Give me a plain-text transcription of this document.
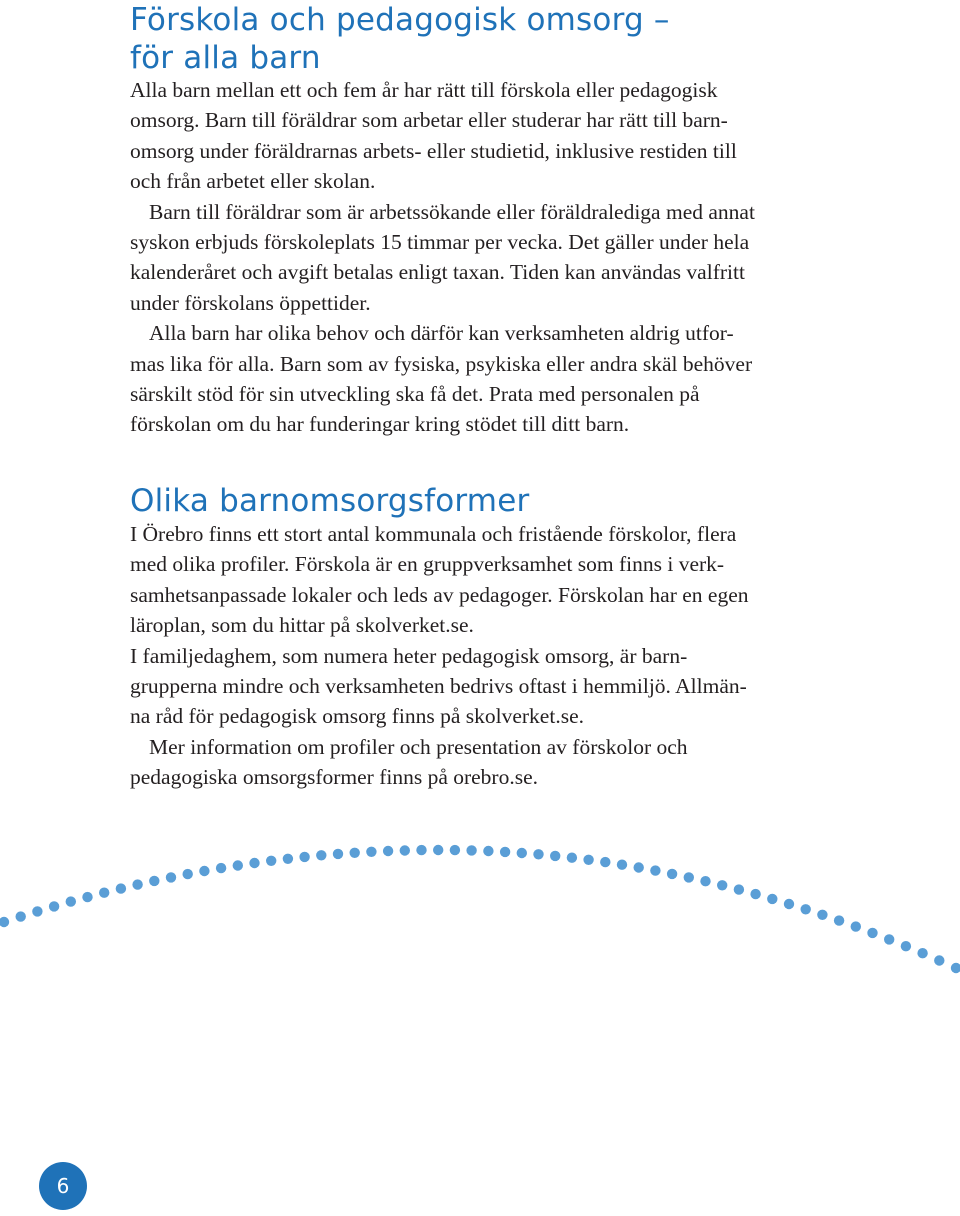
Förskola och pedagogisk omsorg –
för alla barn

Alla barn mellan ett och fem år har rätt till förskola eller pedagogisk
omsorg. Barn till föräldrar som arbetar eller studerar har rätt till barn-
omsorg under föräldrarnas arbets- eller studietid, inklusive restiden till
och från arbetet eller skolan.

Barn till föräldrar som är arbetssökande eller föräldralediga med annat
syskon erbjuds förskoleplats 15 timmar per vecka. Det gäller under hela
kalenderåret och avgift betalas enligt taxan. Tiden kan användas valfritt
under förskolans öppettider.

Alla barn har olika behov och därför kan verksamheten aldrig utfor-
mas lika för alla. Barn som av fysiska, psykiska eller andra skäl behöver
särskilt stöd för sin utveckling ska få det. Prata med personalen på
förskolan om du har funderingar kring stödet till ditt barn.

Olika barnomsorgsformer

I Örebro finns ett stort antal kommunala och fristående förskolor, flera
med olika profiler. Förskola är en gruppverksamhet som finns i verk-
samhetsanpassade lokaler och leds av pedagoger. Förskolan har en egen
läroplan, som du hittar på skolverket.se.

I familjedaghem, som numera heter pedagogisk omsorg, är barn-
grupperna mindre och verksamheten bedrivs oftast i hemmiljö. Allmän-
na råd för pedagogisk omsorg finns på skolverket.se.

Mer information om profiler och presentation av förskolor och
pedagogiska omsorgsformer finns på orebro.se.

6
